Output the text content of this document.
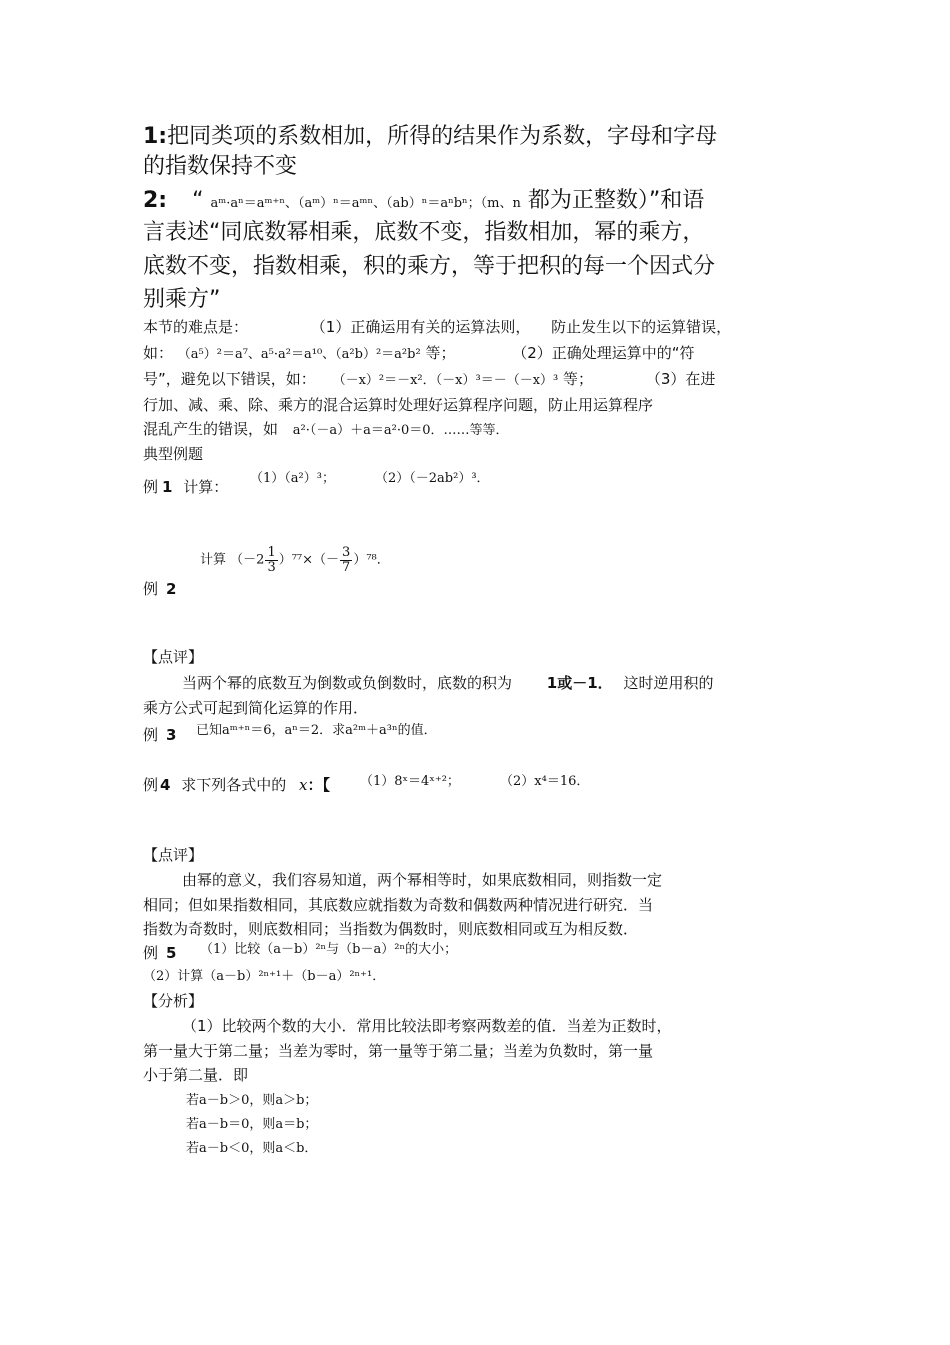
1:把同类项的系数相加，所得的结果作为系数，字母和字母
的指数保持不变
2: “ aᵐ·aⁿ＝aᵐ⁺ⁿ、（aᵐ）ⁿ＝aᵐⁿ、（ab）ⁿ＝aⁿbⁿ；（m、n 都为正整数）”和语
言表述“同底数幂相乘，底数不变，指数相加，幂的乘方，
底数不变，指数相乘，积的乘方，等于把积的每一个因式分
别乘方”
本节的难点是：	（1）正确运用有关的运算法则， 防止发生以下的运算错误，
如： （a⁵）²＝a⁷、a⁵·a²＝a¹⁰、（a²b）²＝a²b² 等；	（2）正确处理运算中的“符
号”，避免以下错误，如： （－x）²＝－x²．（－x）³＝－（－x）³ 等；	（3）在进
行加、减、乘、除、乘方的混合运算时处理好运算程序问题，防止用运算程序
混乱产生的错误，如 a²·（－a）＋a＝a²·0＝0．……等等．
典型例题
例 1 计算： （1）（a²）³；	（2）（－2ab²）³．
计算 $(-2 \frac{1}{3} )^{77}\times(- \frac{3}{7} )^{78}$．
例 2
【点评】
当两个幂的底数互为倒数或负倒数时，底数的积为 1或－1． 这时逆用积的
乘方公式可起到简化运算的作用．
例 3 已知aᵐ⁺ⁿ＝6，aⁿ＝2．求a²ᵐ＋a³ⁿ的值．
例 4 求下列各式中的 x：【 （1）8ˣ＝4ˣ⁺²；	（2）x⁴＝16．
【点评】
由幂的意义，我们容易知道，两个幂相等时，如果底数相同，则指数一定
相同；但如果指数相同，其底数应就指数为奇数和偶数两种情况进行研究．当
指数为奇数时，则底数相同；当指数为偶数时，则底数相同或互为相反数．
例 5 （1）比较（a－b）²ⁿ与（b－a）²ⁿ的大小；
（2）计算（a－b）²ⁿ⁺¹＋（b－a）²ⁿ⁺¹．
【分析】
（1）比较两个数的大小．常用比较法即考察两数差的值．当差为正数时，
第一量大于第二量；当差为零时，第一量等于第二量；当差为负数时，第一量
小于第二量．即
若a－b＞0，则a＞b；
若a－b＝0，则a＝b；
若a－b＜0，则a＜b．
